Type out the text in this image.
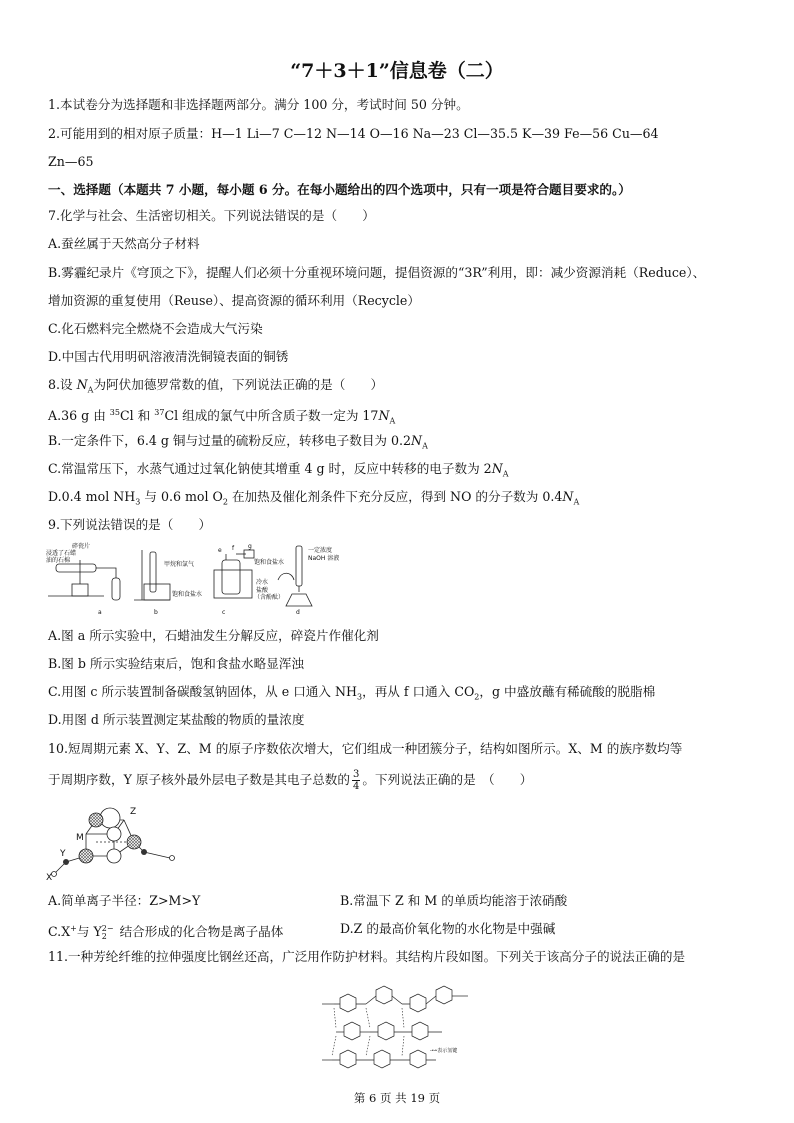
“7＋3＋1”信息卷（二）
1.本试卷分为选择题和非选择题两部分。满分 100 分，考试时间 50 分钟。
2.可能用到的相对原子质量：H—1 Li—7 C—12 N—14 O—16 Na—23 Cl—35.5 K—39 Fe—56 Cu—64
Zn—65
一、选择题（本题共 7 小题，每小题 6 分。在每小题给出的四个选项中，只有一项是符合题目要求的。）
7.化学与社会、生活密切相关。下列说法错误的是（　　）
A.蚕丝属于天然高分子材料
B.雾霾纪录片《穹顶之下》，提醒人们必须十分重视环境问题，提倡资源的“3R”利用，即：减少资源消耗（Reduce）、
增加资源的重复使用（Reuse）、提高资源的循环利用（Recycle）
C.化石燃料完全燃烧不会造成大气污染
D.中国古代用明矾溶液清洗铜镜表面的铜锈
8.设 $N_A$为阿伏加德罗常数的值，下列说法正确的是（　　）
A.36 g 由 $^{35}$Cl 和 $^{37}$Cl 组成的氯气中所含质子数一定为 $17N_A$
B.一定条件下，6.4 g 铜与过量的硫粉反应，转移电子数目为 $0.2N_A$
C.常温常压下，水蒸气通过过氧化钠使其增重 4 g 时，反应中转移的电子数为 $2N_A$
D.0.4 mol $NH_3$ 与 0.6 mol $O_2$ 在加热及催化剂条件下充分反应，得到 NO 的分子数为 $0.4N_A$
9.下列说法错误的是（　　）
碎瓷片
浸透了石蜡
油的石棉
a
甲烷和氯气
饱和食盐水
b
e f g
饱和食盐水
冷水
盐酸
（含酚酞）
c
一定浓度
NaOH 溶液
d
A.图 a 所示实验中，石蜡油发生分解反应，碎瓷片作催化剂
B.图 b 所示实验结束后，饱和食盐水略显浑浊
C.用图 c 所示装置制备碳酸氢钠固体，从 e 口通入 $NH_3$，再从 f 口通入 $CO_2$，g 中盛放蘸有稀硫酸的脱脂棉
D.用图 d 所示装置测定某盐酸的物质的量浓度
10.短周期元素 X、Y、Z、M 的原子序数依次增大，它们组成一种团簇分子，结构如图所示。X、M 的族序数均等
于周期序数，Y 原子核外最外层电子数是其电子总数的 $\frac{3}{4}$ 。下列说法正确的是　（　　）
Z
M
Y
X
A.简单离子半径：Z>M>Y	B.常温下 Z 和 M 的单质均能溶于浓硝酸
C.X+与 Y 2−
2 结合形成的化合物是离子晶体	D.Z 的最高价氧化物的水化物是中强碱
11.一种芳纶纤维的拉伸强度比钢丝还高，广泛用作防护材料。其结构片段如图。下列关于该高分子的说法正确的是
----表示氢键
第 6 页 共 19 页
